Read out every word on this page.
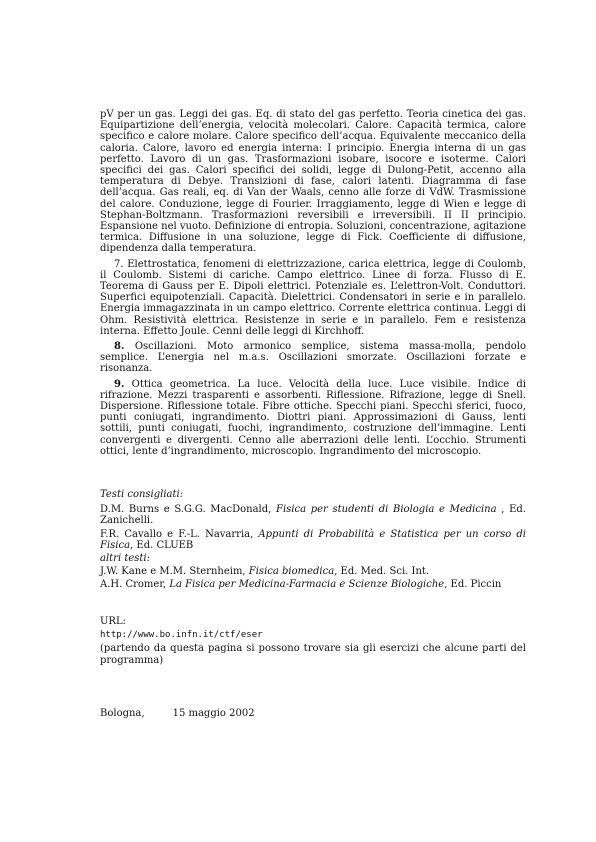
pV per un gas. Leggi dei gas. Eq. di stato del gas perfetto. Teoria cinetica dei gas. Equipartizione dell’energia, velocità molecolari. Calore. Capacità termica, calore specifico e calore molare. Calore specifico dell’acqua. Equivalente meccanico della caloria. Calore, lavoro ed energia interna: I principio. Energia interna di un gas perfetto. Lavoro di un gas. Trasformazioni isobare, isocore e isoterme. Calori specifici dei gas. Calori specifici dei solidi, legge di Dulong-Petit, accenno alla temperatura di Debye. Transizioni di fase, calori latenti. Diagramma di fase dell’acqua. Gas reali, eq. di Van der Waals, cenno alle forze di VdW. Trasmissione del calore. Conduzione, legge di Fourier. Irraggiamento, legge di Wien e legge di Stephan-Boltzmann. Trasformazioni reversibili e irreversibili. II II principio. Espansione nel vuoto. Definizione di entropia. Soluzioni, concentrazione, agitazione termica. Diffusione in una soluzione, legge di Fick. Coefficiente di diffusione, dipendenza dalla temperatura.

7. Elettrostatica, fenomeni di elettrizzazione, carica elettrica, legge di Coulomb, il Coulomb. Sistemi di cariche. Campo elettrico. Linee di forza. Flusso di E. Teorema di Gauss per E. Dipoli elettrici. Potenziale es. L’elettron-Volt. Conduttori. Superfici equipotenziali. Capacità. Dielettrici. Condensatori in serie e in parallelo. Energia immagazzinata in un campo elettrico. Corrente elettrica continua. Leggi di Ohm. Resistività elettrica. Resistenze in serie e in parallelo. Fem e resistenza interna. Effetto Joule. Cenni delle leggi di Kirchhoff.

8. Oscillazioni. Moto armonico semplice, sistema massa-molla, pendolo semplice. L’energia nel m.a.s. Oscillazioni smorzate. Oscillazioni forzate e risonanza.

9. Ottica geometrica. La luce. Velocità della luce. Luce visibile. Indice di rifrazione. Mezzi trasparenti e assorbenti. Riflessione. Rifrazione, legge di Snell. Dispersione. Riflessione totale. Fibre ottiche. Specchi piani. Specchi sferici, fuoco, punti coniugati, ingrandimento. Diottri piani. Approssimazioni di Gauss, lenti sottili, punti coniugati, fuochi, ingrandimento, costruzione dell’immagine. Lenti convergenti e divergenti. Cenno alle aberrazioni delle lenti. L’occhio. Strumenti ottici, lente d’ingrandimento, microscopio. Ingrandimento del microscopio.

Testi consigliati:
D.M. Burns e S.G.G. MacDonald, Fisica per studenti di Biologia e Medicina , Ed. Zanichelli.
F.R. Cavallo e F.-L. Navarria, Appunti di Probabilità e Statistica per un corso di Fisica, Ed. CLUEB
altri testi:
J.W. Kane e M.M. Sternheim, Fisica biomedica, Ed. Med. Sci. Int.
A.H. Cromer, La Fisica per Medicina-Farmacia e Scienze Biologiche, Ed. Piccin
URL:
http://www.bo.infn.it/ctf/eser
(partendo da questa pagina si possono trovare sia gli esercizi che alcune parti del programma)
Bologna,	15 maggio 2002
